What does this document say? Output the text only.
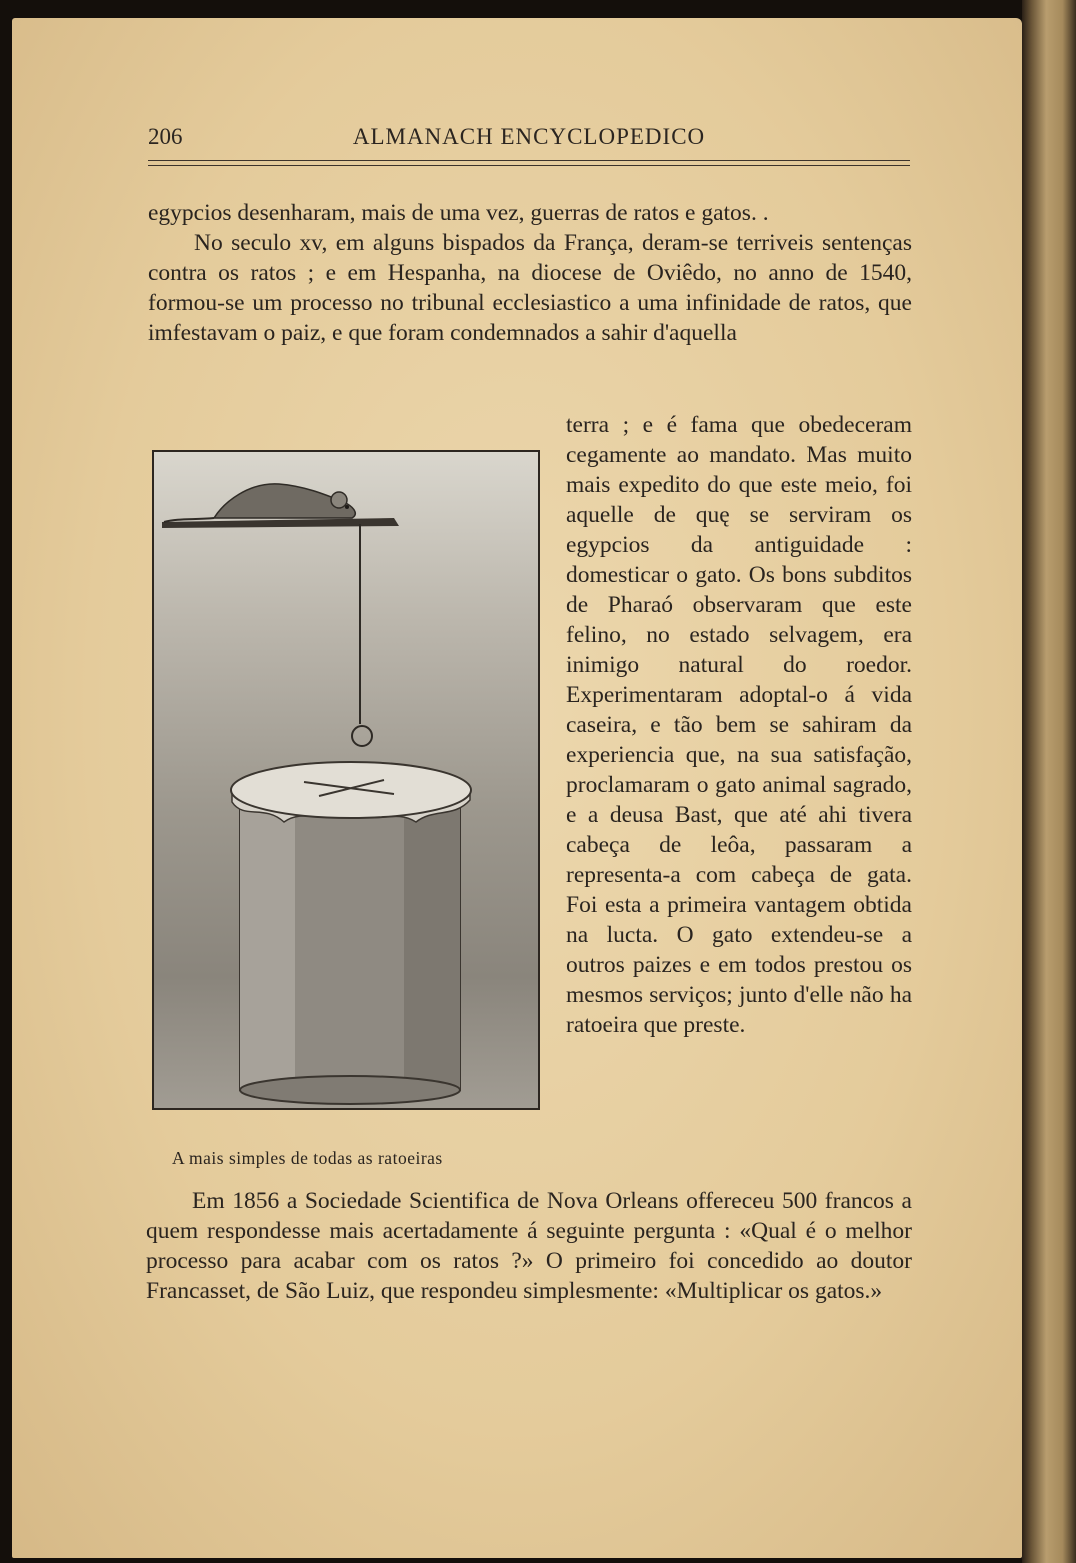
206	ALMANACH ENCYCLOPEDICO

egypcios desenharam, mais de uma vez, guerras de ratos e gatos. .

No seculo xv, em alguns bispados da França, deram-se terriveis sentenças contra os ratos ; e em Hespanha, na diocese de Oviêdo, no anno de 1540, formou-se um processo no tribunal ecclesiastico a uma infinidade de ratos, que imfestavam o paiz, e que foram condemnados a sahir d'aquella

A mais simples de todas as ratoeiras

terra ; e é fama que obedeceram cegamente ao mandato. Mas muito mais expedito do que este meio, foi aquelle de quę se serviram os egypcios da antiguidade : domesticar o gato. Os bons subditos de Pharaó observaram que este felino, no estado selvagem, era inimigo natural do roedor. Experimentaram adoptal-o á vida caseira, e tão bem se sahiram da experiencia que, na sua satisfação, proclamaram o gato animal sagrado, e a deusa Bast, que até ahi tivera cabeça de leôa, passaram a representa-a com cabeça de gata. Foi esta a primeira vantagem obtida na lucta. O gato extendeu-se a outros paizes e em todos prestou os mesmos serviços; junto d'elle não ha ratoeira que preste.

Em 1856 a Sociedade Scientifica de Nova Orleans offereceu 500 francos a quem respondesse mais acertadamente á seguinte pergunta : «Qual é o melhor processo para acabar com os ratos ?» O primeiro foi concedido ao doutor Francasset, de São Luiz, que respondeu simplesmente: «Multiplicar os gatos.»
